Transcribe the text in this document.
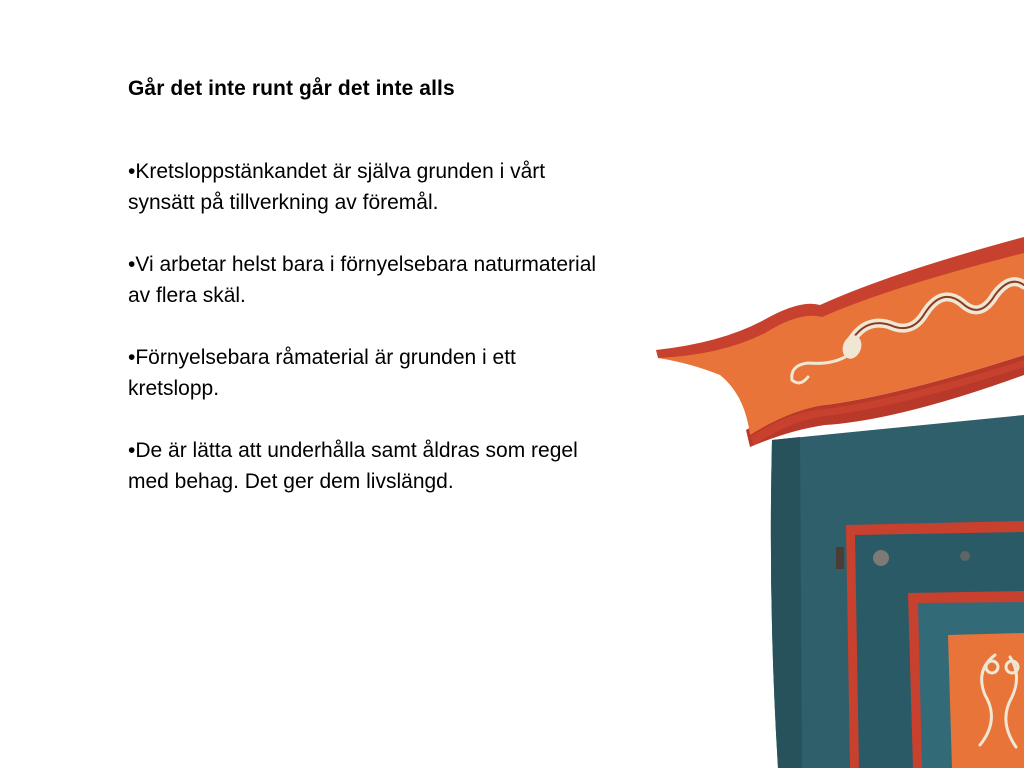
Går det inte runt går det inte alls
•Kretsloppstänkandet är själva grunden i vårt synsätt på tillverkning av föremål.
•Vi arbetar helst bara i förnyelsebara naturmaterial av flera skäl.
•Förnyelsebara råmaterial är grunden i ett kretslopp.
•De är lätta att underhålla samt åldras som regel med behag. Det ger dem livslängd.
